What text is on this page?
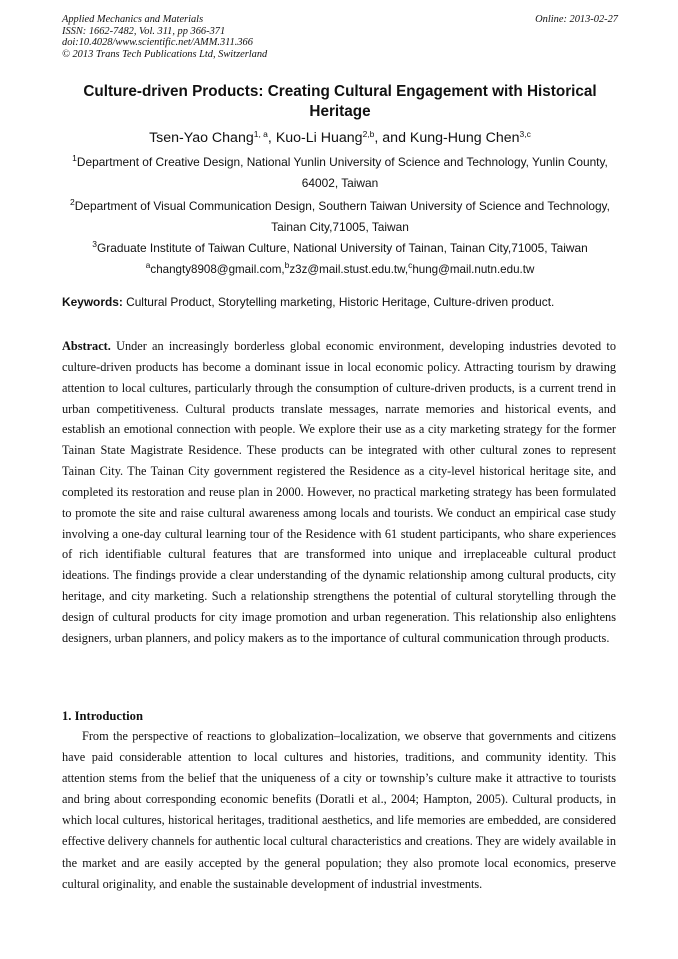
Applied Mechanics and Materials
ISSN: 1662-7482, Vol. 311, pp 366-371
doi:10.4028/www.scientific.net/AMM.311.366
© 2013 Trans Tech Publications Ltd, Switzerland
Online: 2013-02-27
Culture-driven Products: Creating Cultural Engagement with Historical Heritage
Tsen-Yao Chang$^{1, a}$, Kuo-Li Huang$^{2,b}$, and Kung-Hung Chen$^{3,c}$
$^1$Department of Creative Design, National Yunlin University of Science and Technology, Yunlin County, 64002, Taiwan
$^2$Department of Visual Communication Design, Southern Taiwan University of Science and Technology, Tainan City,71005, Taiwan
$^3$Graduate Institute of Taiwan Culture, National University of Tainan, Tainan City,71005, Taiwan
$^a$changty8908@gmail.com,$^b$z3z@mail.stust.edu.tw,$^c$hung@mail.nutn.edu.tw
Keywords: Cultural Product, Storytelling marketing, Historic Heritage, Culture-driven product.
Abstract. Under an increasingly borderless global economic environment, developing industries devoted to culture-driven products has become a dominant issue in local economic policy. Attracting tourism by drawing attention to local cultures, particularly through the consumption of culture-driven products, is a current trend in urban competitiveness. Cultural products translate messages, narrate memories and historical events, and establish an emotional connection with people. We explore their use as a city marketing strategy for the former Tainan State Magistrate Residence. These products can be integrated with other cultural zones to represent Tainan City. The Tainan City government registered the Residence as a city-level historical heritage site, and completed its restoration and reuse plan in 2000. However, no practical marketing strategy has been formulated to promote the site and raise cultural awareness among locals and tourists. We conduct an empirical case study involving a one-day cultural learning tour of the Residence with 61 student participants, who share experiences of rich identifiable cultural features that are transformed into unique and irreplaceable cultural product ideations. The findings provide a clear understanding of the dynamic relationship among cultural products, city heritage, and city marketing. Such a relationship strengthens the potential of cultural storytelling through the design of cultural products for city image promotion and urban regeneration. This relationship also enlightens designers, urban planners, and policy makers as to the importance of cultural communication through products.
1. Introduction
From the perspective of reactions to globalization–localization, we observe that governments and citizens have paid considerable attention to local cultures and histories, traditions, and community identity. This attention stems from the belief that the uniqueness of a city or township’s culture make it attractive to tourists and bring about corresponding economic benefits (Doratli et al., 2004; Hampton, 2005). Cultural products, in which local cultures, historical heritages, traditional aesthetics, and life memories are embedded, are considered effective delivery channels for authentic local cultural characteristics and creations. They are widely available in the market and are easily accepted by the general population; they also promote local economics, preserve cultural originality, and enable the sustainable development of industrial investments.
